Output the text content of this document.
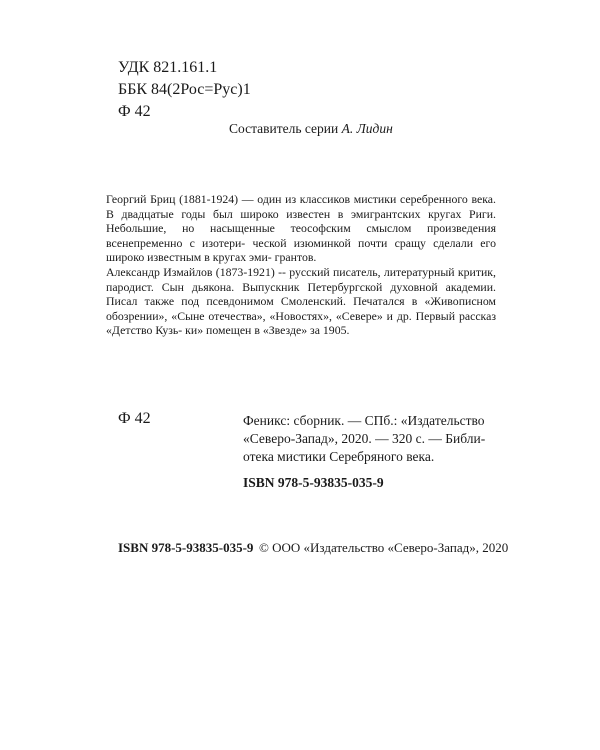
УДК 821.161.1
ББК 84(2Рос=Рус)1
Ф 42
Составитель серии А. Лидин

Георгий Бриц (1881-1924) — один из классиков мистики серебренного века. В двадцатые годы был широко известен в эмигрантских кругах Риги. Небольшие, но насыщенные теософским смыслом произведения всенепременно с изотери- ческой изюминкой почти сращу сделали его широко известным в кругах эми- грантов.

Александр Измайлов (1873-1921) -- русский писатель, литературный критик, пародист. Сын дьякона. Выпускник Петербургской духовной академии. Писал также под псевдонимом Смоленский. Печатался в «Живописном обозрении», «Сыне отечества», «Новостях», «Севере» и др. Первый рассказ «Детство Кузь- ки» помещен в «Звезде» за 1905.

Ф 42	Феникс: сборник. — СПб.: «Издательство
«Северо-Запад», 2020. — 320 с. — Библи-
отека мистики Серебряного века.
ISBN 978-5-93835-035-9
ISBN 978-5-93835-035-9 © ООО «Издательство «Северо-Запад», 2020
